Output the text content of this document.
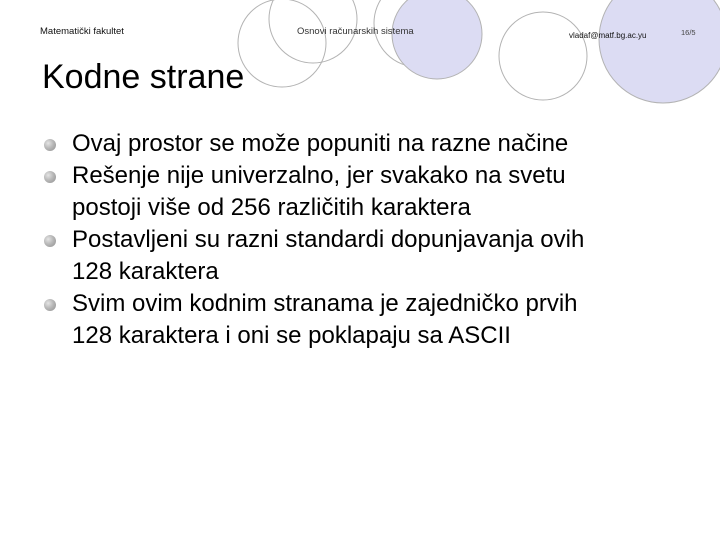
Matematički fakultet	Osnovi računarskih sistema	vladaf@matf.bg.ac.yu	16/5
Kodne strane
Ovaj prostor se može popuniti na razne načine
Rešenje nije univerzalno, jer svakako na svetu postoji više od 256 različitih karaktera
Postavljeni su razni standardi dopunjavanja ovih 128 karaktera
Svim ovim kodnim stranama je zajedničko prvih 128 karaktera i oni se poklapaju sa ASCII
